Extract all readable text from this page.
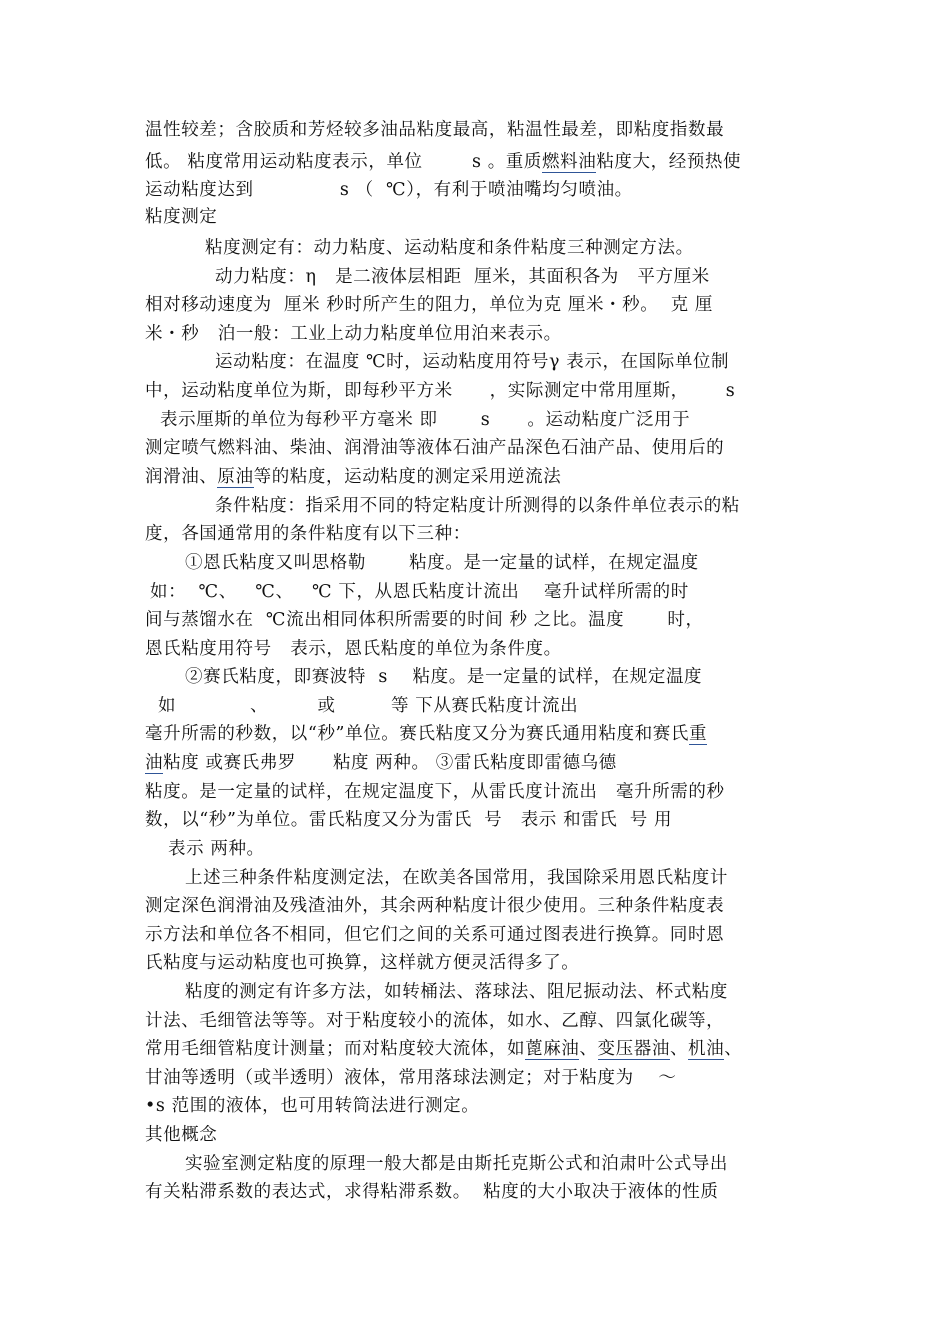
温性较差；含胶质和芳烃较多油品粘度最高，粘温性最差，即粘度指数最

低。 粘度常用运动粘度表示，单位        s 。重质燃料油粘度大，经预热使

运动粘度达到              s （  ℃），有利于喷油嘴均匀喷油。

粘度测定

粘度测定有：动力粘度、运动粘度和条件粘度三种测定方法。

动力粘度：η   是二液体层相距  厘米，其面积各为   平方厘米

相对移动速度为  厘米 秒时所产生的阻力，单位为克 厘米・秒。  克 厘

米・秒   泊一般：工业上动力粘度单位用泊来表示。

运动粘度：在温度 ℃时，运动粘度用符号γ 表示，在国际单位制

中，运动粘度单位为斯，即每秒平方米      ，实际测定中常用厘斯，      s

表示厘斯的单位为每秒平方毫米 即       s      。运动粘度广泛用于

测定喷气燃料油、柴油、润滑油等液体石油产品深色石油产品、使用后的

润滑油、原油等的粘度，运动粘度的测定采用逆流法

条件粘度：指采用不同的特定粘度计所测得的以条件单位表示的粘

度，各国通常用的条件粘度有以下三种：

①恩氏粘度又叫思格勒       粘度。是一定量的试样，在规定温度

如：  ℃、   ℃、   ℃ 下，从恩氏粘度计流出    毫升试样所需的时

间与蒸馏水在  ℃流出相同体积所需要的时间 秒 之比。温度       时，

恩氏粘度用符号   表示，恩氏粘度的单位为条件度。

②赛氏粘度，即赛波特  s    粘度。是一定量的试样，在规定温度

如            、        或         等 下从赛氏粘度计流出

毫升所需的秒数，以“秒”单位。赛氏粘度又分为赛氏通用粘度和赛氏重

油粘度 或赛氏弗罗      粘度 两种。 ③雷氏粘度即雷德乌德

粘度。是一定量的试样，在规定温度下，从雷氏度计流出   毫升所需的秒

数，以“秒”为单位。雷氏粘度又分为雷氏  号   表示 和雷氏  号 用

表示 两种。

上述三种条件粘度测定法，在欧美各国常用，我国除采用恩氏粘度计

测定深色润滑油及残渣油外，其余两种粘度计很少使用。三种条件粘度表

示方法和单位各不相同，但它们之间的关系可通过图表进行换算。同时恩

氏粘度与运动粘度也可换算，这样就方便灵活得多了。

粘度的测定有许多方法，如转桶法、落球法、阻尼振动法、杯式粘度

计法、毛细管法等等。对于粘度较小的流体，如水、乙醇、四氯化碳等，

常用毛细管粘度计测量；而对粘度较大流体，如蓖麻油、变压器油、机油、

甘油等透明（或半透明）液体，常用落球法测定；对于粘度为    ～

•s 范围的液体，也可用转筒法进行测定。

其他概念

实验室测定粘度的原理一般大都是由斯托克斯公式和泊肃叶公式导出

有关粘滞系数的表达式，求得粘滞系数。  粘度的大小取决于液体的性质
